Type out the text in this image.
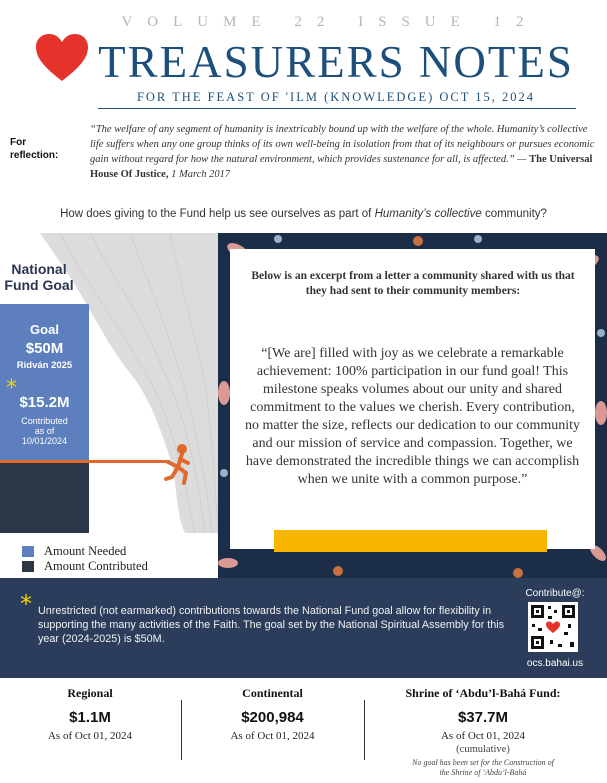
VOLUME 22 ISSUE 12
TREASURERS NOTES
FOR THE FEAST OF 'ILM (KNOWLEDGE) OCT 15, 2024
For reflection:
“The welfare of any segment of humanity is inextricably bound up with the welfare of the whole. Humanity’s collective life suffers when any one group thinks of its own well-being in isolation from that of its neighbours or pursues economic gain without regard for how the natural environment, which provides sustenance for all, is affected.” — The Universal House Of Justice, 1 March 2017
How does giving to the Fund help us see ourselves as part of Humanity’s collective community?
National Fund Goal
Goal
$50M
Ridván 2025
$15.2M
Contributed
as of
10/01/2024
*
Amount Needed
Amount Contributed
Below is an excerpt from a letter a community shared with us that they had sent to their community members:
“[We are] filled with joy as we celebrate a remarkable achievement: 100% participation in our fund goal! This milestone speaks volumes about our unity and shared commitment to the values we cherish. Every contribution, no matter the size, reflects our dedication to our community and our mission of service and compassion. Together, we have demonstrated the incredible things we can accomplish when we unite with a common purpose.”
* Unrestricted (not earmarked) contributions towards the National Fund goal allow for flexibility in supporting the many activities of the Faith. The goal set by the National Spiritual Assembly for this year (2024-2025) is $50M.
Contribute@:
ocs.bahai.us
Regional
$1.1M
As of Oct 01, 2024
Continental
$200,984
As of Oct 01, 2024
Shrine of ‘Abdu’l-Bahá Fund:
$37.7M
As of Oct 01, 2024
(cumulative)
No goal has been set for the Construction of the Shrine of ‘Abdu’l-Bahá
